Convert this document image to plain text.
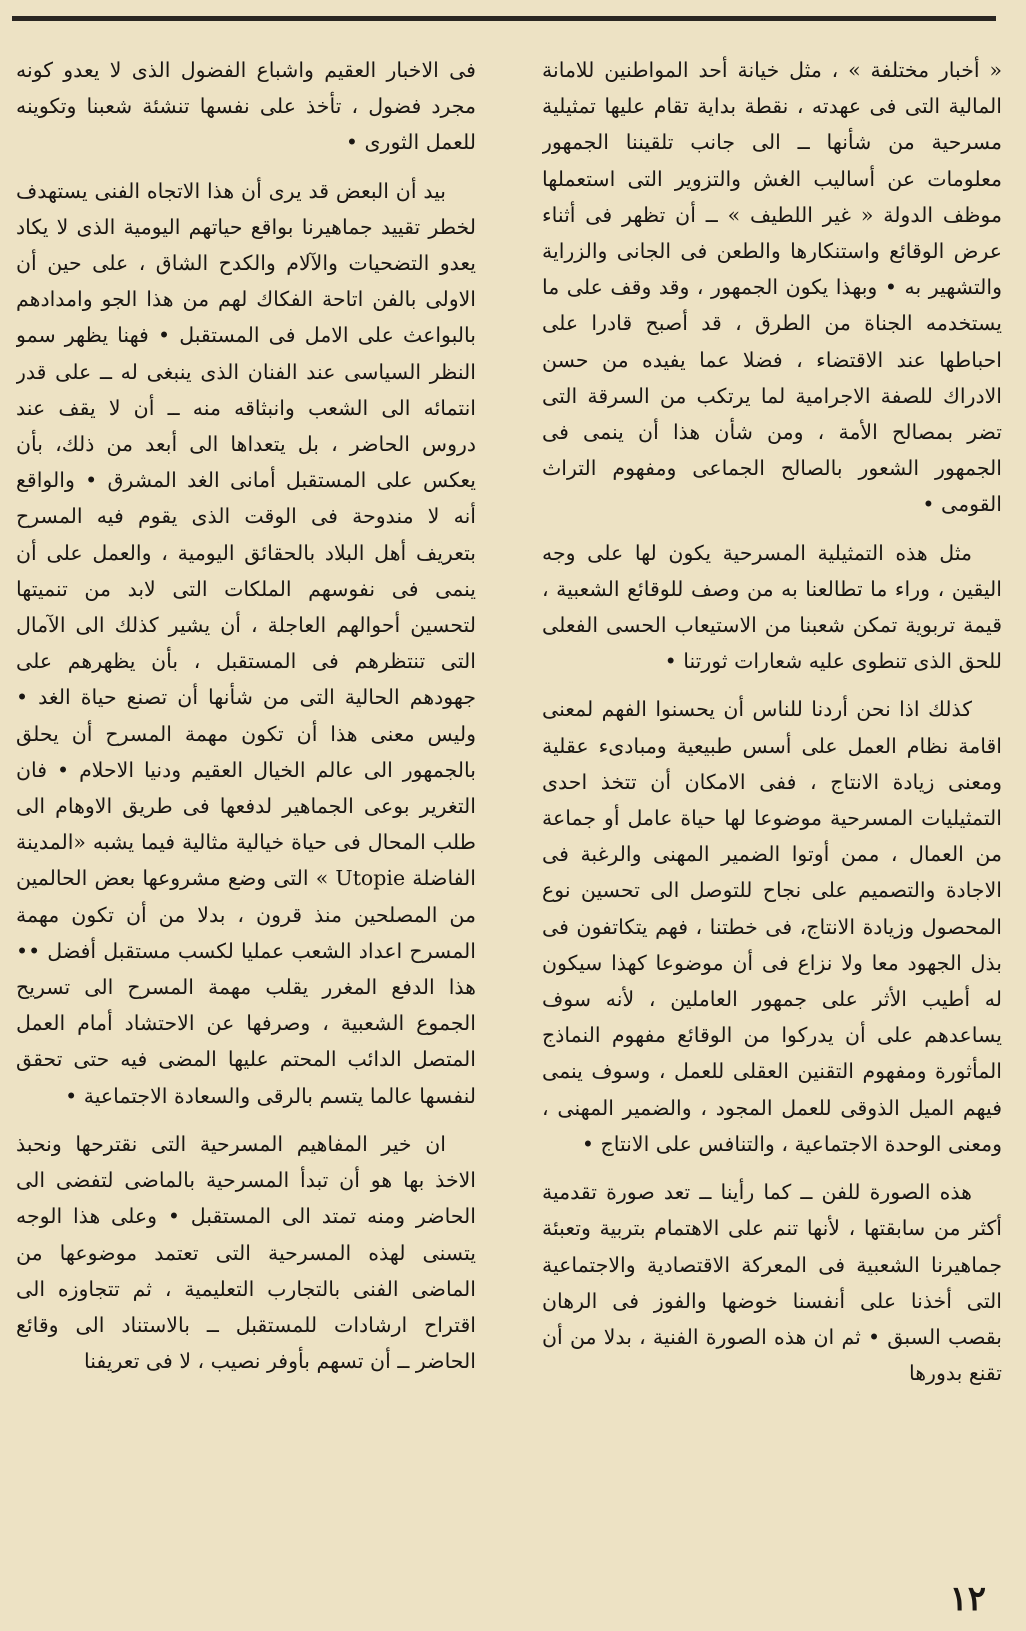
« أخبار مختلفة » ، مثل خيانة أحد المواطنين للامانة المالية التى فى عهدته ، نقطة بداية تقام عليها تمثيلية مسرحية من شأنها ــ الى جانب تلقيننا الجمهور معلومات عن أساليب الغش والتزوير التى استعملها موظف الدولة « غير اللطيف » ــ أن تظهر فى أثناء عرض الوقائع واستنكارها والطعن فى الجانى والزراية والتشهير به • وبهذا يكون الجمهور ، وقد وقف على ما يستخدمه الجناة من الطرق ، قد أصبح قادرا على احباطها عند الاقتضاء ، فضلا عما يفيده من حسن الادراك للصفة الاجرامية لما يرتكب من السرقة التى تضر بمصالح الأمة ، ومن شأن هذا أن ينمى فى الجمهور الشعور بالصالح الجماعى ومفهوم التراث القومى •

مثل هذه التمثيلية المسرحية يكون لها على وجه اليقين ، وراء ما تطالعنا به من وصف للوقائع الشعبية ، قيمة تربوية تمكن شعبنا من الاستيعاب الحسى الفعلى للحق الذى تنطوى عليه شعارات ثورتنا •

كذلك اذا نحن أردنا للناس أن يحسنوا الفهم لمعنى اقامة نظام العمل على أسس طبيعية ومبادىء عقلية ومعنى زيادة الانتاج ، ففى الامكان أن تتخذ احدى التمثيليات المسرحية موضوعا لها حياة عامل أو جماعة من العمال ، ممن أوتوا الضمير المهنى والرغبة فى الاجادة والتصميم على نجاح للتوصل الى تحسين نوع المحصول وزيادة الانتاج، فى خطتنا ، فهم يتكاتفون فى بذل الجهود معا ولا نزاع فى أن موضوعا كهذا سيكون له أطيب الأثر على جمهور العاملين ، لأنه سوف يساعدهم على أن يدركوا من الوقائع مفهوم النماذج المأثورة ومفهوم التقنين العقلى للعمل ، وسوف ينمى فيهم الميل الذوقى للعمل المجود ، والضمير المهنى ، ومعنى الوحدة الاجتماعية ، والتنافس على الانتاج •

هذه الصورة للفن ــ كما رأينا ــ تعد صورة تقدمية أكثر من سابقتها ، لأنها تنم على الاهتمام بتربية وتعبئة جماهيرنا الشعبية فى المعركة الاقتصادية والاجتماعية التى أخذنا على أنفسنا خوضها والفوز فى الرهان بقصب السبق • ثم ان هذه الصورة الفنية ، بدلا من أن تقنع بدورها

فى الاخبار العقيم واشباع الفضول الذى لا يعدو كونه مجرد فضول ، تأخذ على نفسها تنشئة شعبنا وتكوينه للعمل الثورى •

بيد أن البعض قد يرى أن هذا الاتجاه الفنى يستهدف لخطر تقييد جماهيرنا بواقع حياتهم اليومية الذى لا يكاد يعدو التضحيات والآلام والكدح الشاق ، على حين أن الاولى بالفن اتاحة الفكاك لهم من هذا الجو وامدادهم بالبواعث على الامل فى المستقبل • فهنا يظهر سمو النظر السياسى عند الفنان الذى ينبغى له ــ على قدر انتمائه الى الشعب وانبثاقه منه ــ أن لا يقف عند دروس الحاضر ، بل يتعداها الى أبعد من ذلك، بأن يعكس على المستقبل أمانى الغد المشرق • والواقع أنه لا مندوحة فى الوقت الذى يقوم فيه المسرح بتعريف أهل البلاد بالحقائق اليومية ، والعمل على أن ينمى فى نفوسهم الملكات التى لابد من تنميتها لتحسين أحوالهم العاجلة ، أن يشير كذلك الى الآمال التى تنتظرهم فى المستقبل ، بأن يظهرهم على جهودهم الحالية التى من شأنها أن تصنع حياة الغد • وليس معنى هذا أن تكون مهمة المسرح أن يحلق بالجمهور الى عالم الخيال العقيم ودنيا الاحلام • فان التغرير بوعى الجماهير لدفعها فى طريق الاوهام الى طلب المحال فى حياة خيالية مثالية فيما يشبه «المدينة الفاضلة Utopie » التى وضع مشروعها بعض الحالمين من المصلحين منذ قرون ، بدلا من أن تكون مهمة المسرح اعداد الشعب عمليا لكسب مستقبل أفضل •• هذا الدفع المغرر يقلب مهمة المسرح الى تسريح الجموع الشعبية ، وصرفها عن الاحتشاد أمام العمل المتصل الدائب المحتم عليها المضى فيه حتى تحقق لنفسها عالما يتسم بالرقى والسعادة الاجتماعية •

ان خير المفاهيم المسرحية التى نقترحها ونحبذ الاخذ بها هو أن تبدأ المسرحية بالماضى لتفضى الى الحاضر ومنه تمتد الى المستقبل • وعلى هذا الوجه يتسنى لهذه المسرحية التى تعتمد موضوعها من الماضى الفنى بالتجارب التعليمية ، ثم تتجاوزه الى اقتراح ارشادات للمستقبل ــ بالاستناد الى وقائع الحاضر ــ أن تسهم بأوفر نصيب ، لا فى تعريفنا

١٢
